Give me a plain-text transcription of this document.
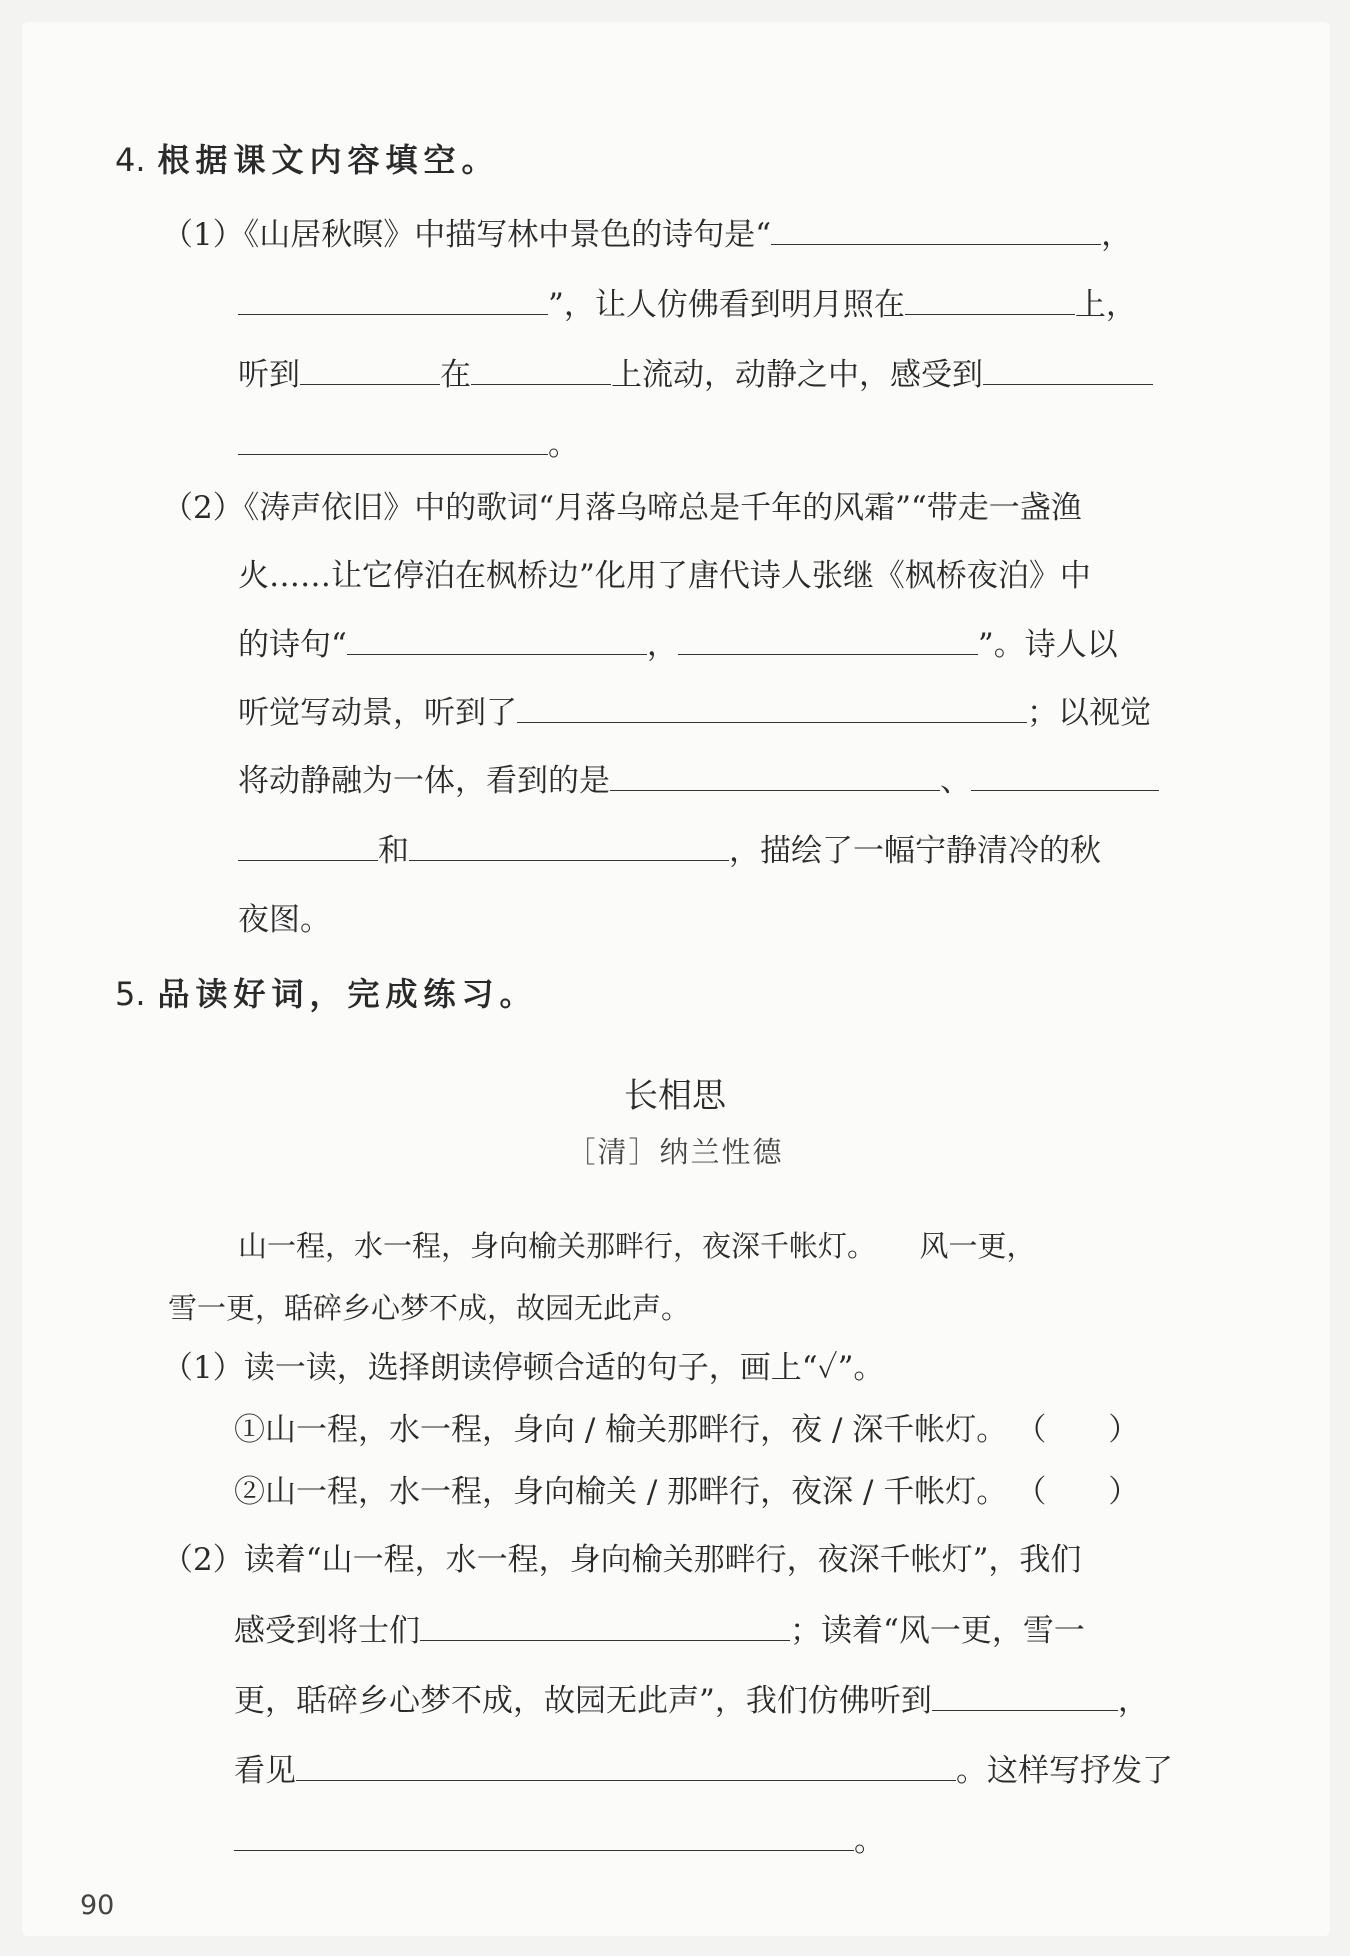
4. 根据课文内容填空。
（1）《山居秋暝》中描写林中景色的诗句是“	，
”，让人仿佛看到明月照在	上，
听到	在	上流动，动静之中，感受到
。
（2）《涛声依旧》中的歌词“月落乌啼总是千年的风霜”“带走一盏渔
火……让它停泊在枫桥边”化用了唐代诗人张继《枫桥夜泊》中
的诗句“	，	”。诗人以
听觉写动景，听到了	；以视觉
将动静融为一体，看到的是	、
和	，描绘了一幅宁静清冷的秋
夜图。
5. 品读好词，完成练习。
长相思
［清］纳兰性德
山一程，水一程，身向榆关那畔行，夜深千帐灯。　　风一更，
雪一更，聒碎乡心梦不成，故园无此声。
（1）读一读，选择朗读停顿合适的句子，画上“✓”。
①山一程，水一程，身向 / 榆关那畔行，夜 / 深千帐灯。 （　　）
②山一程，水一程，身向榆关 / 那畔行，夜深 / 千帐灯。 （　　）
（2）读着“山一程，水一程，身向榆关那畔行，夜深千帐灯”，我们
感受到将士们	；读着“风一更，雪一
更，聒碎乡心梦不成，故园无此声”，我们仿佛听到	，
看见	。这样写抒发了
。
90
